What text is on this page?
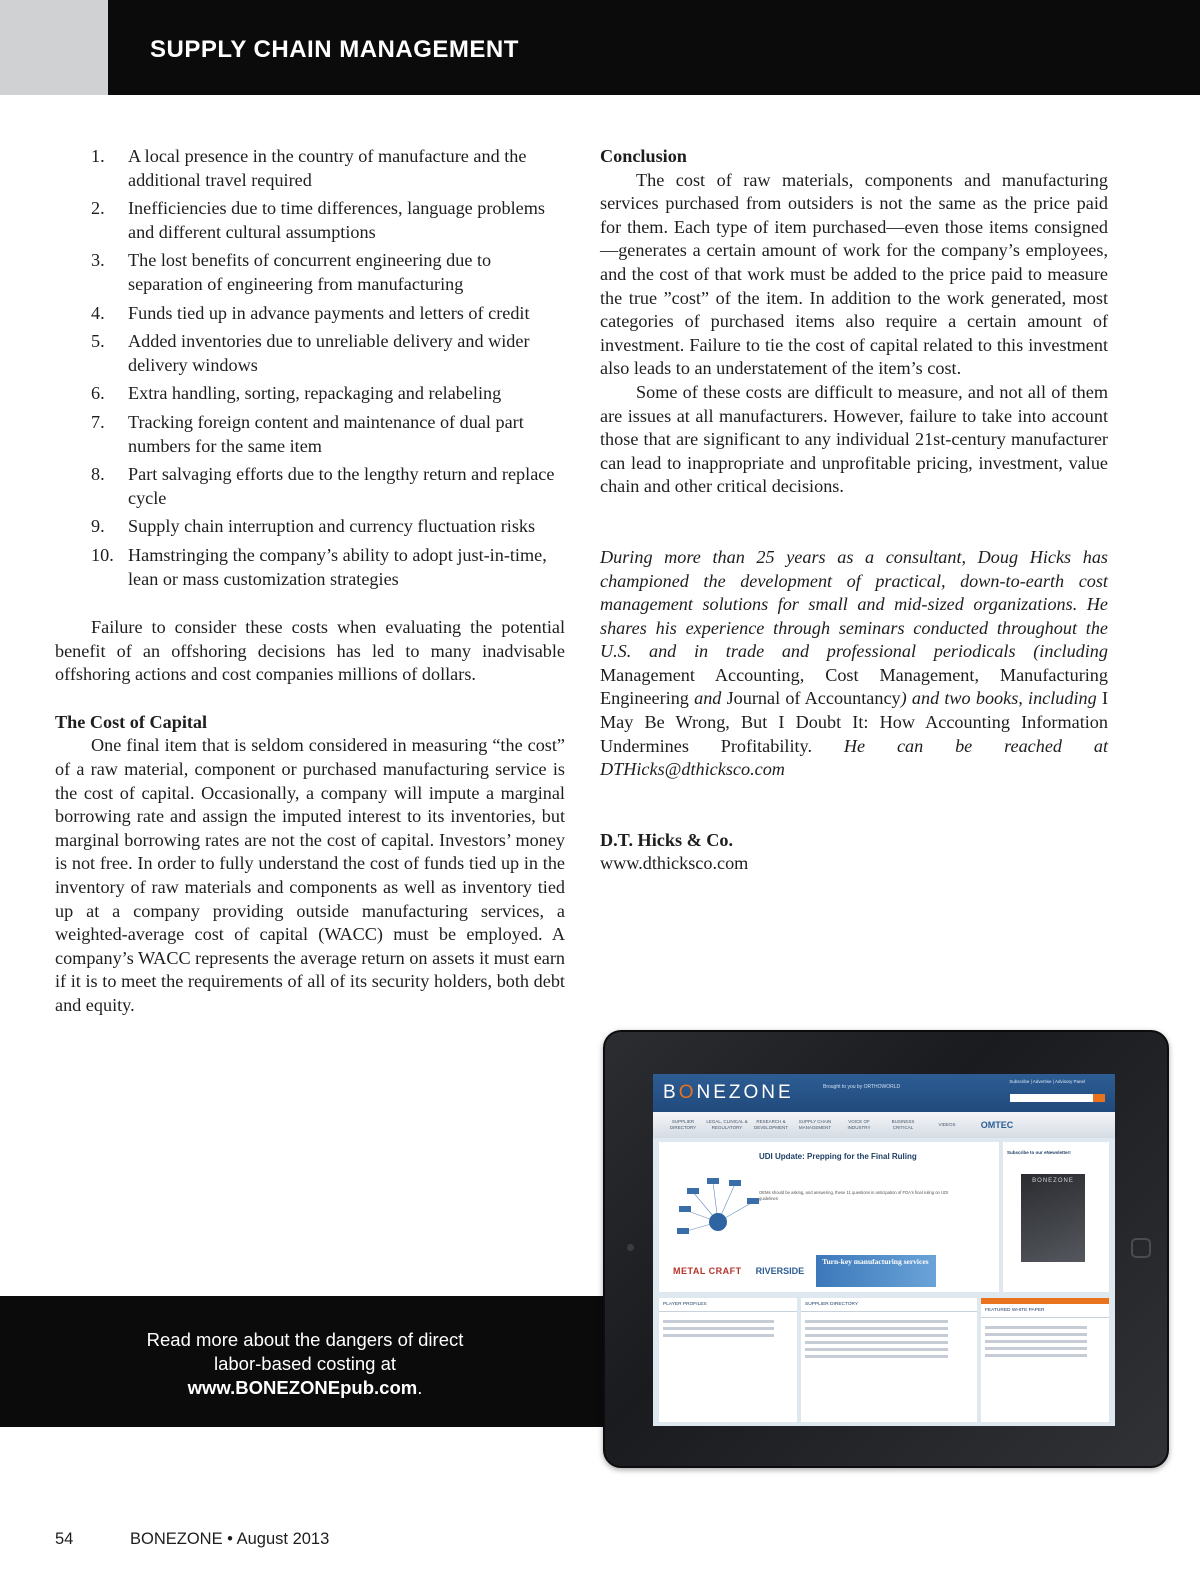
SUPPLY CHAIN MANAGEMENT
1. A local presence in the country of manufacture and the additional travel required
2. Inefficiencies due to time differences, language problems and different cultural assumptions
3. The lost benefits of concurrent engineering due to separation of engineering from manufacturing
4. Funds tied up in advance payments and letters of credit
5. Added inventories due to unreliable delivery and wider delivery windows
6. Extra handling, sorting, repackaging and relabeling
7. Tracking foreign content and maintenance of dual part numbers for the same item
8. Part salvaging efforts due to the lengthy return and replace cycle
9. Supply chain interruption and currency fluctuation risks
10. Hamstringing the company’s ability to adopt just-in-time, lean or mass customization strategies

Failure to consider these costs when evaluating the potential benefit of an offshoring decisions has led to many inadvisable offshoring actions and cost companies millions of dollars.

The Cost of Capital

One final item that is seldom considered in measuring “the cost” of a raw material, component or purchased manufacturing service is the cost of capital. Occasionally, a company will impute a marginal borrowing rate and assign the imputed interest to its inventories, but marginal borrowing rates are not the cost of capital. Investors’ money is not free. In order to fully understand the cost of funds tied up in the inventory of raw materials and components as well as inventory tied up at a company providing outside manufacturing services, a weighted-average cost of capital (WACC) must be employed. A company’s WACC represents the average return on assets it must earn if it is to meet the requirements of all of its security holders, both debt and equity.

Conclusion

The cost of raw materials, components and manufacturing services purchased from outsiders is not the same as the price paid for them. Each type of item purchased—even those items consigned—generates a certain amount of work for the company’s employees, and the cost of that work must be added to the price paid to measure the true ”cost” of the item. In addition to the work generated, most categories of purchased items also require a certain amount of investment. Failure to tie the cost of capital related to this investment also leads to an understatement of the item’s cost.

Some of these costs are difficult to measure, and not all of them are issues at all manufacturers. However, failure to take into account those that are significant to any individual 21st-century manufacturer can lead to inappropriate and unprofitable pricing, investment, value chain and other critical decisions.

During more than 25 years as a consultant, Doug Hicks has championed the development of practical, down-to-earth cost management solutions for small and mid-sized organizations. He shares his experience through seminars conducted throughout the U.S. and in trade and professional periodicals (including Management Accounting, Cost Management, Manufacturing Engineering and Journal of Accountancy) and two books, including I May Be Wrong, But I Doubt It: How Accounting Information Undermines Profitability. He can be reached at DTHicks@dthicksco.com

D.T. Hicks & Co.

www.dthicksco.com

Read more about the dangers of direct
labor-based costing at
www.BONEZONEpub.com.
BONEZONE	Brought to you by ORTHOWORLD
Subscribe | Advertise | Advisory Panel
SUPPLIER DIRECTORY
LEGAL, CLINICAL & REGULATORY
RESEARCH & DEVELOPMENT
SUPPLY CHAIN MANAGEMENT
VOICE OF INDUSTRY
BUSINESS CRITICAL
VIDEOS	OMTEC
UDI Update: Prepping for the Final Ruling
OEMs should be asking, and answering, these 11 questions in anticipation of FDA's final ruling on UDI guidelines
METAL CRAFT RIVERSIDE
Turn-key manufacturing services
Subscribe to our eNewsletter!
BONEZONE
PLAYER PROFILES	SUPPLIER DIRECTORY
FEATURED WHITE PAPER
54	BONEZONE • August 2013
